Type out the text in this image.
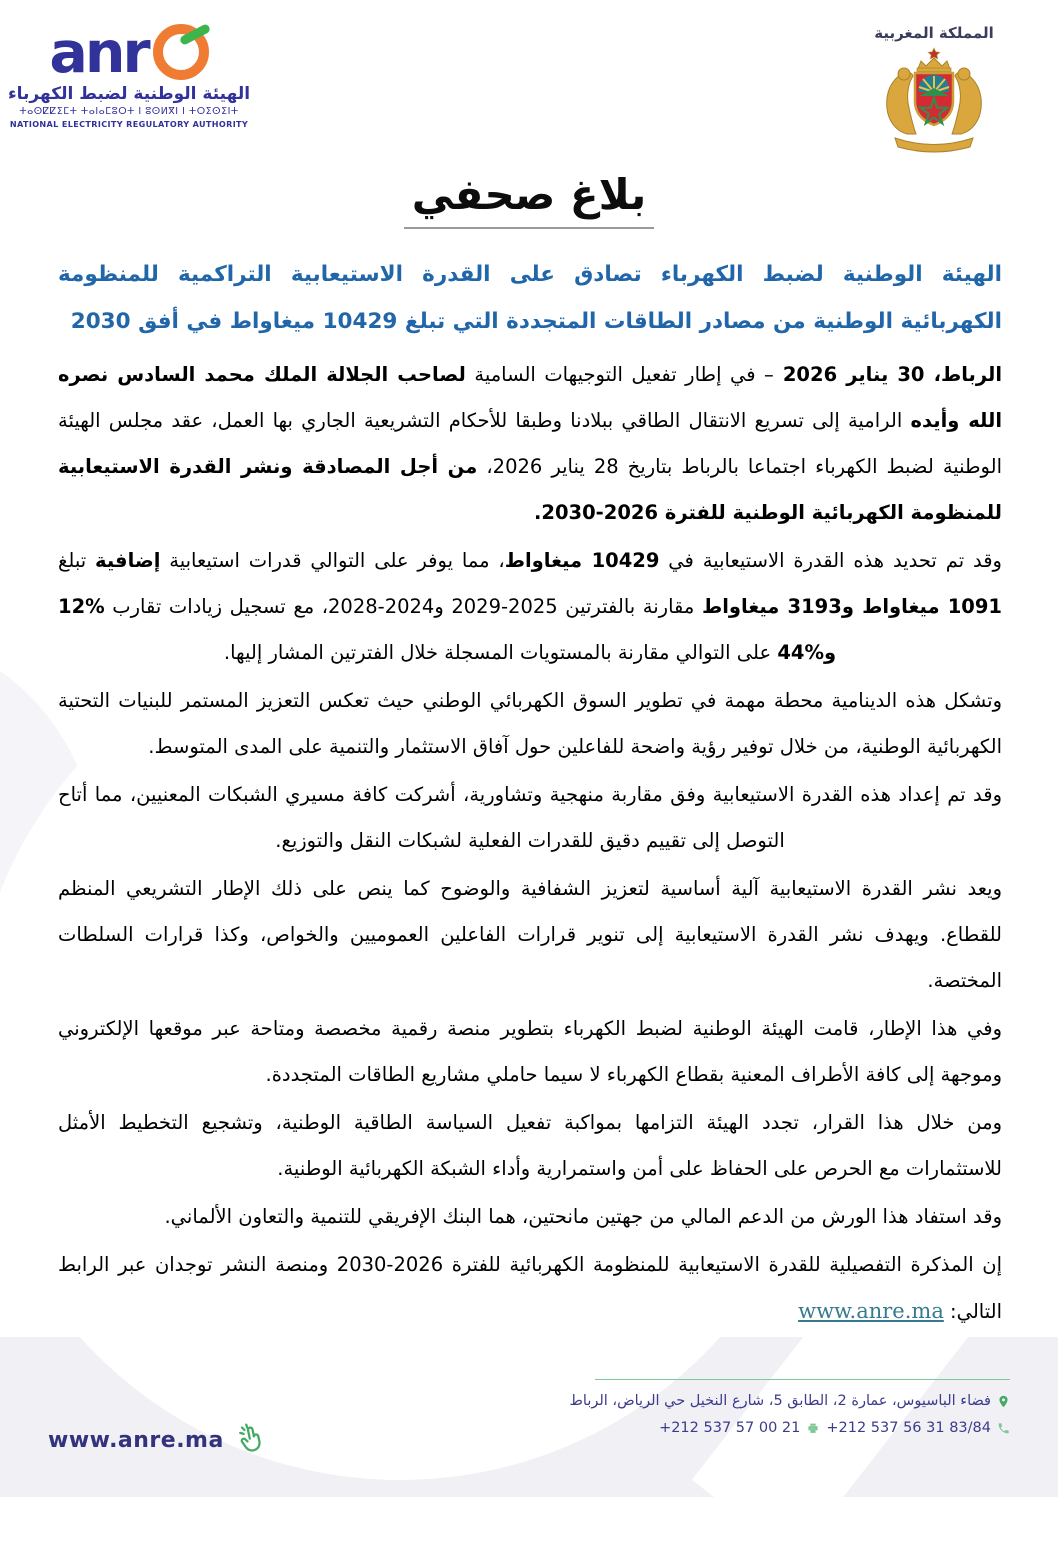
anr
الهيئة الوطنية لضبط الكهرباء
ⵜⴰⵙⵇⵇⵉⵎⵜ ⵜⴰⵏⴰⵎⵓⵔⵜ ⵏ ⵓⵙⵍⴳⵏ ⵏ ⵜⵔⵉⵙⵉⵏⵜ
NATIONAL ELECTRICITY REGULATORY AUTHORITY
المملكة المغربية
بلاغ صحفي
الهيئة الوطنية لضبط الكهرباء تصادق على القدرة الاستيعابية التراكمية للمنظومة الكهربائية الوطنية من مصادر الطاقات المتجددة التي تبلغ 10429 ميغاواط في أفق 2030

الرباط، 30 يناير 2026 – في إطار تفعيل التوجيهات السامية لصاحب الجلالة الملك محمد السادس نصره الله وأيده الرامية إلى تسريع الانتقال الطاقي ببلادنا وطبقا للأحكام التشريعية الجاري بها العمل، عقد مجلس الهيئة الوطنية لضبط الكهرباء اجتماعا بالرباط بتاريخ 28 يناير 2026، من أجل المصادقة ونشر القدرة الاستيعابية للمنظومة الكهربائية الوطنية للفترة 2026-2030.

وقد تم تحديد هذه القدرة الاستيعابية في 10429 ميغاواط، مما يوفر على التوالي قدرات استيعابية إضافية تبلغ 1091 ميغاواط و3193 ميغاواط مقارنة بالفترتين 2025-2029 و2024-2028، مع تسجيل زيادات تقارب %12 و%44 على التوالي مقارنة بالمستويات المسجلة خلال الفترتين المشار إليها.

وتشكل هذه الدينامية محطة مهمة في تطوير السوق الكهربائي الوطني حيث تعكس التعزيز المستمر للبنيات التحتية الكهربائية الوطنية، من خلال توفير رؤية واضحة للفاعلين حول آفاق الاستثمار والتنمية على المدى المتوسط.

وقد تم إعداد هذه القدرة الاستيعابية وفق مقاربة منهجية وتشاورية، أشركت كافة مسيري الشبكات المعنيين، مما أتاح التوصل إلى تقييم دقيق للقدرات الفعلية لشبكات النقل والتوزيع.

ويعد نشر القدرة الاستيعابية آلية أساسية لتعزيز الشفافية والوضوح كما ينص على ذلك الإطار التشريعي المنظم للقطاع. ويهدف نشر القدرة الاستيعابية إلى تنوير قرارات الفاعلين العموميين والخواص، وكذا قرارات السلطات المختصة.

وفي هذا الإطار، قامت الهيئة الوطنية لضبط الكهرباء بتطوير منصة رقمية مخصصة ومتاحة عبر موقعها الإلكتروني وموجهة إلى كافة الأطراف المعنية بقطاع الكهرباء لا سيما حاملي مشاريع الطاقات المتجددة.

ومن خلال هذا القرار، تجدد الهيئة التزامها بمواكبة تفعيل السياسة الطاقية الوطنية، وتشجيع التخطيط الأمثل للاستثمارات مع الحرص على الحفاظ على أمن واستمرارية وأداء الشبكة الكهربائية الوطنية.

وقد استفاد هذا الورش من الدعم المالي من جهتين مانحتين، هما البنك الإفريقي للتنمية والتعاون الألماني.

إن المذكرة التفصيلية للقدرة الاستيعابية للمنظومة الكهربائية للفترة 2026-2030 ومنصة النشر توجدان عبر الرابط التالي: www.anre.ma

www.anre.ma
فضاء الباسيوس، عمارة 2، الطابق 5، شارع النخيل حي الرياض، الرباط
+212 537 56 31 83/84
+212 537 57 00 21
